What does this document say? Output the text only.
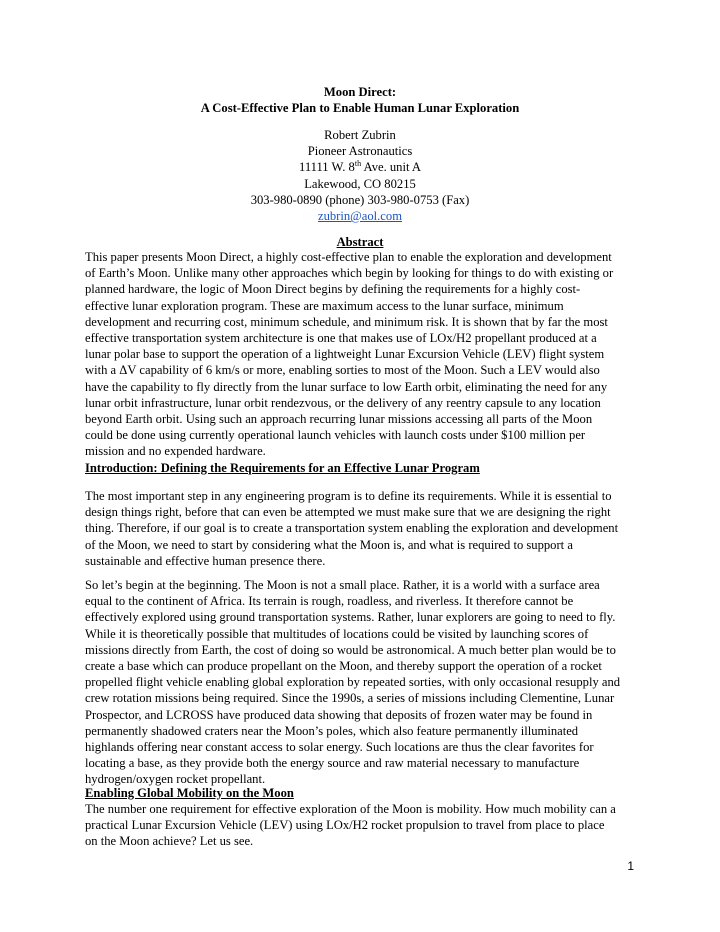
Moon Direct:
A Cost-Effective Plan to Enable Human Lunar Exploration
Robert Zubrin
Pioneer Astronautics
11111 W. 8th Ave. unit A
Lakewood, CO 80215
303-980-0890 (phone) 303-980-0753 (Fax)
zubrin@aol.com
Abstract
This paper presents Moon Direct, a highly cost-effective plan to enable the exploration and development
of Earth’s Moon. Unlike many other approaches which begin by looking for things to do with existing or
planned hardware, the logic of Moon Direct begins by defining the requirements for a highly cost-
effective lunar exploration program. These are maximum access to the lunar surface, minimum
development and recurring cost, minimum schedule, and minimum risk. It is shown that by far the most
effective transportation system architecture is one that makes use of LOx/H2 propellant produced at a
lunar polar base to support the operation of a lightweight Lunar Excursion Vehicle (LEV) flight system
with a ΔV capability of 6 km/s or more, enabling sorties to most of the Moon. Such a LEV would also
have the capability to fly directly from the lunar surface to low Earth orbit, eliminating the need for any
lunar orbit infrastructure, lunar orbit rendezvous, or the delivery of any reentry capsule to any location
beyond Earth orbit. Using such an approach recurring lunar missions accessing all parts of the Moon
could be done using currently operational launch vehicles with launch costs under $100 million per
mission and no expended hardware.
Introduction: Defining the Requirements for an Effective Lunar Program
The most important step in any engineering program is to define its requirements. While it is essential to
design things right, before that can even be attempted we must make sure that we are designing the right
thing. Therefore, if our goal is to create a transportation system enabling the exploration and development
of the Moon, we need to start by considering what the Moon is, and what is required to support a
sustainable and effective human presence there.
So let’s begin at the beginning. The Moon is not a small place. Rather, it is a world with a surface area
equal to the continent of Africa. Its terrain is rough, roadless, and riverless. It therefore cannot be
effectively explored using ground transportation systems. Rather, lunar explorers are going to need to fly.
While it is theoretically possible that multitudes of locations could be visited by launching scores of
missions directly from Earth, the cost of doing so would be astronomical. A much better plan would be to
create a base which can produce propellant on the Moon, and thereby support the operation of a rocket
propelled flight vehicle enabling global exploration by repeated sorties, with only occasional resupply and
crew rotation missions being required. Since the 1990s, a series of missions including Clementine, Lunar
Prospector, and LCROSS have produced data showing that deposits of frozen water may be found in
permanently shadowed craters near the Moon’s poles, which also feature permanently illuminated
highlands offering near constant access to solar energy. Such locations are thus the clear favorites for
locating a base, as they provide both the energy source and raw material necessary to manufacture
hydrogen/oxygen rocket propellant.
Enabling Global Mobility on the Moon
The number one requirement for effective exploration of the Moon is mobility. How much mobility can a
practical Lunar Excursion Vehicle (LEV) using LOx/H2 rocket propulsion to travel from place to place
on the Moon achieve? Let us see.
1
